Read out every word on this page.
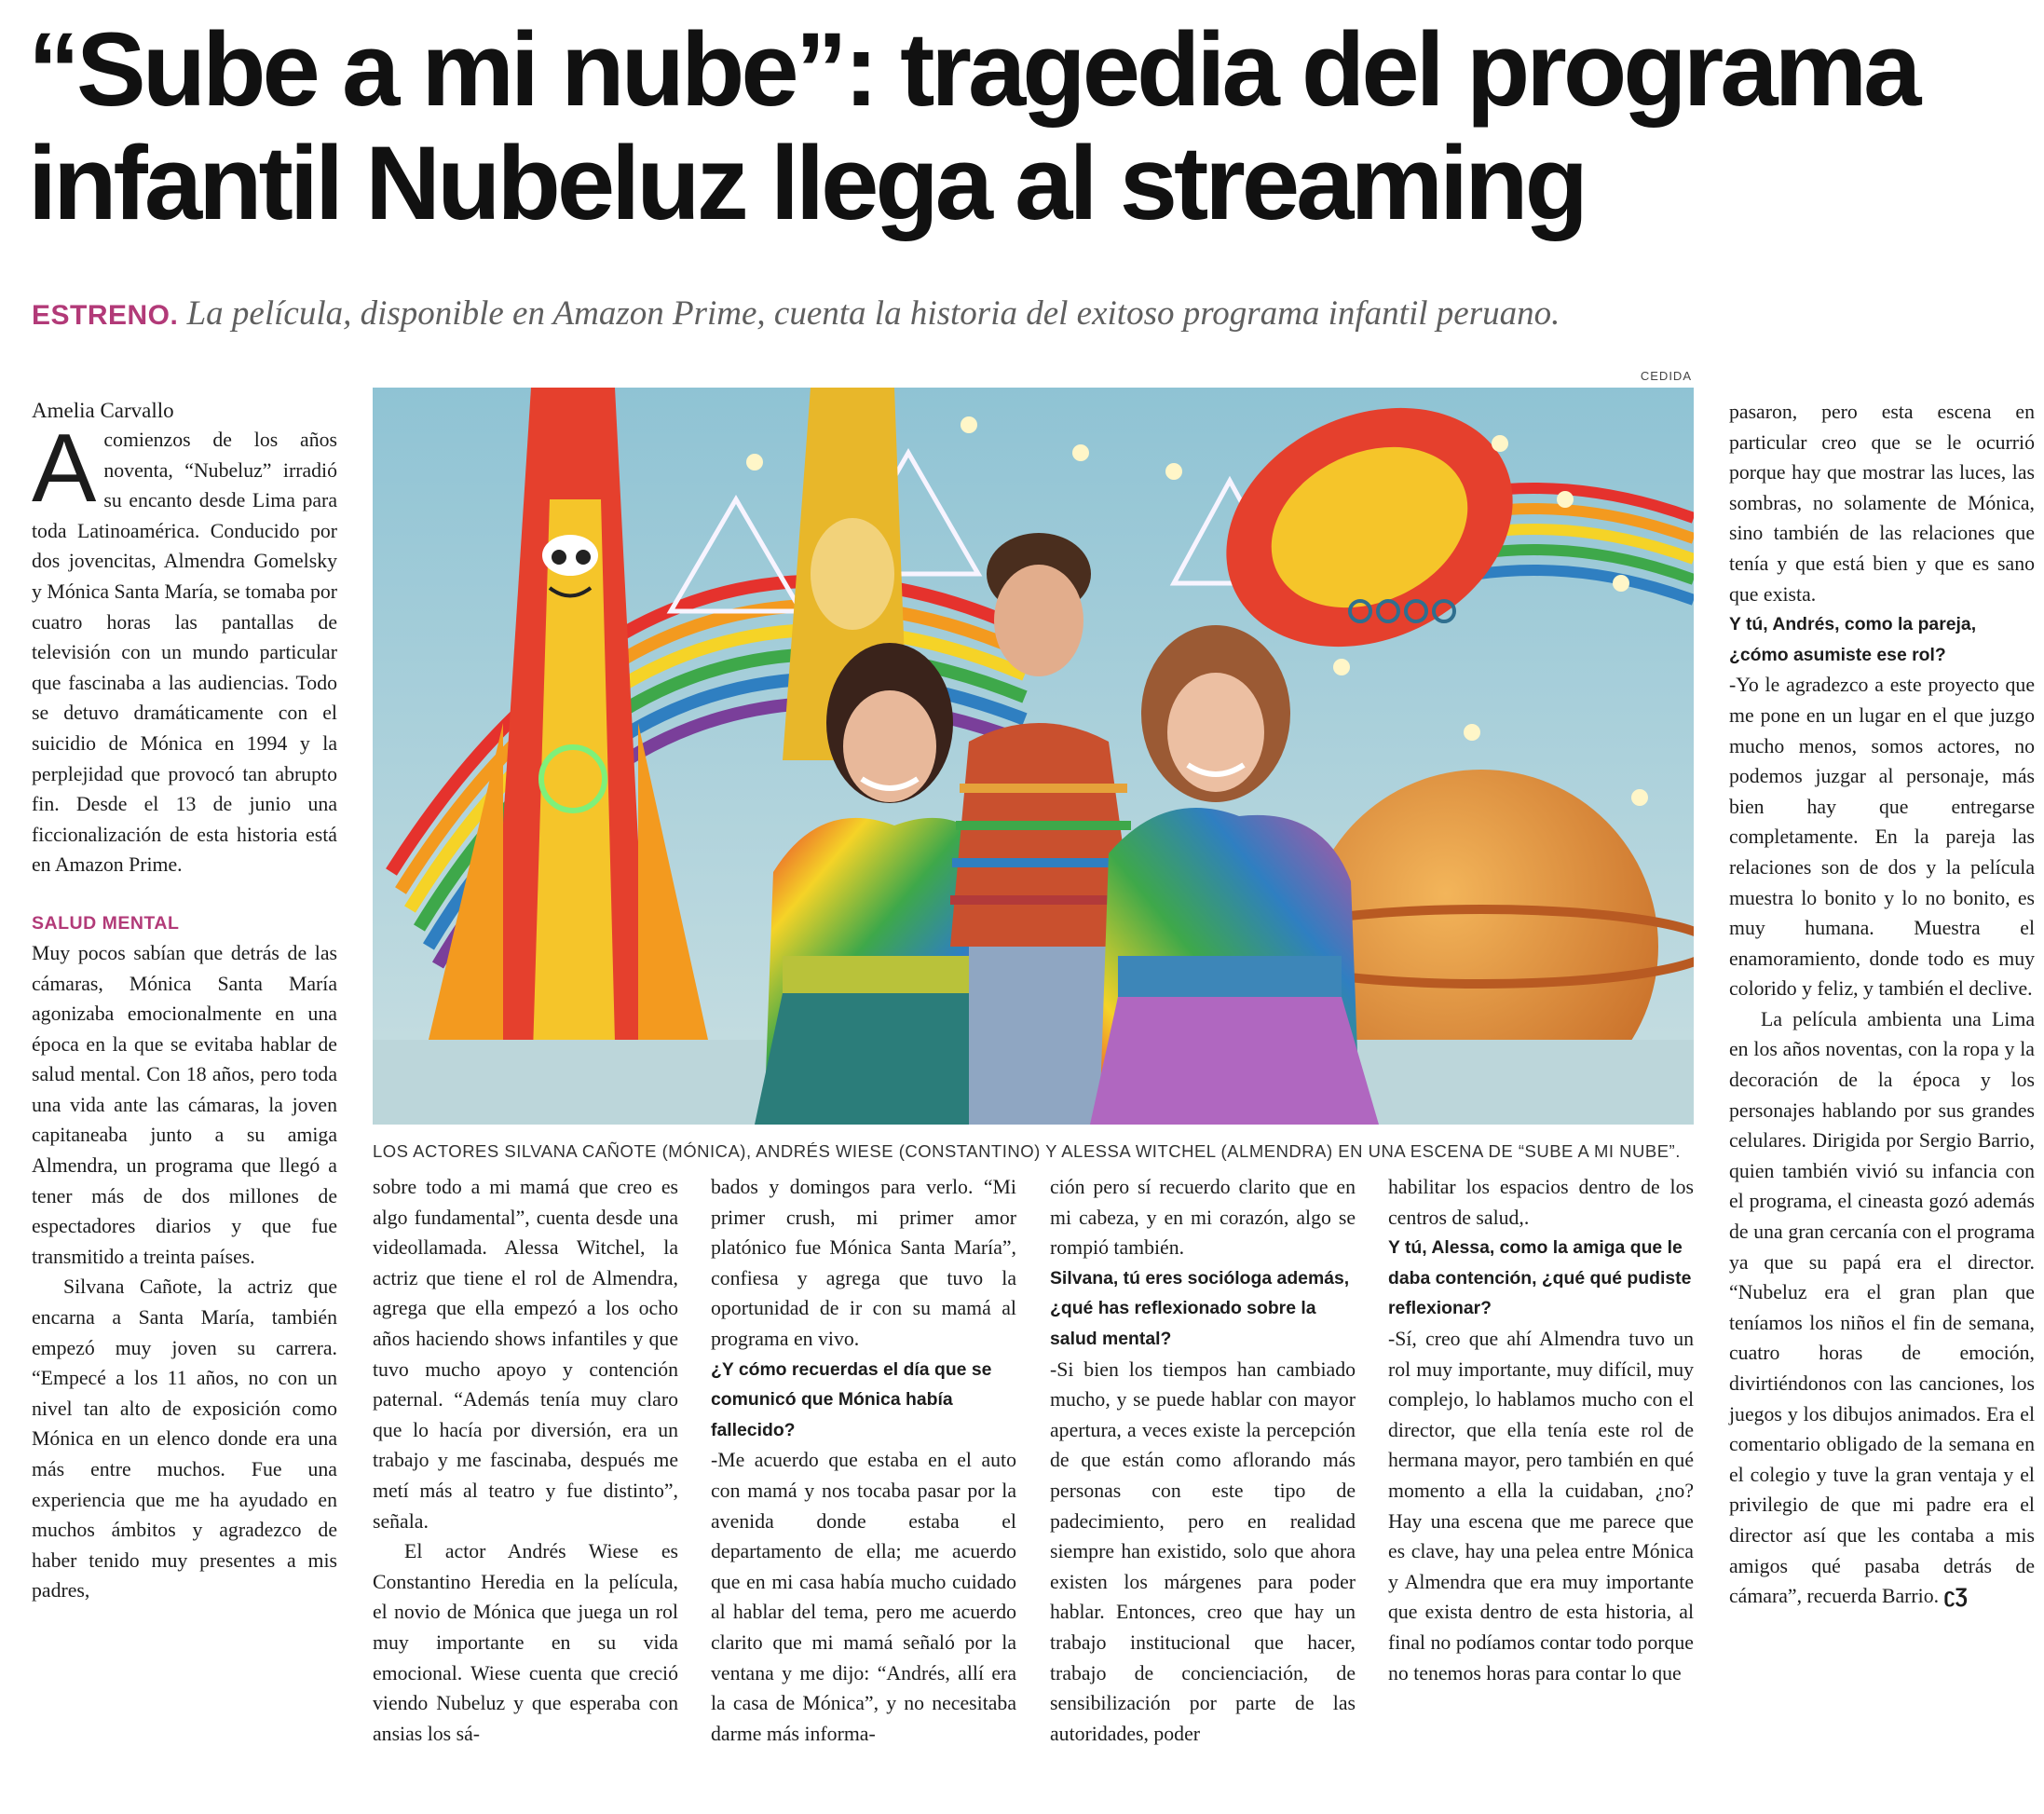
“Sube a mi nube”: tragedia del programa
infantil Nubeluz llega al streaming
ESTRENO. La película, disponible en Amazon Prime, cuenta la historia del exitoso programa infantil peruano.
CEDIDA
LOS ACTORES SILVANA CAÑOTE (MÓNICA), ANDRÉS WIESE (CONSTANTINO) Y ALESSA WITCHEL (ALMENDRA) EN UNA ESCENA DE “SUBE A MI NUBE”.

Amelia Carvallo

Acomienzos de los años noventa, “Nubeluz” irradió su encanto desde Lima para toda Latinoamérica. Conducido por dos jovencitas, Almendra Gomelsky y Mónica Santa María, se tomaba por cuatro horas las pantallas de televisión con un mundo particular que fascinaba a las audiencias. Todo se detuvo dramáticamente con el suicidio de Mónica en 1994 y la perplejidad que provocó tan abrupto fin. Desde el 13 de junio una ficcionalización de esta historia está en Amazon Prime.

SALUD MENTAL

Muy pocos sabían que detrás de las cámaras, Mónica Santa María agonizaba emocionalmente en una época en la que se evitaba hablar de salud mental. Con 18 años, pero toda una vida ante las cámaras, la joven capitaneaba junto a su amiga Almendra, un programa que llegó a tener más de dos millones de espectadores diarios y que fue transmitido a treinta países.

Silvana Cañote, la actriz que encarna a Santa María, también empezó muy joven su carrera. “Empecé a los 11 años, no con un nivel tan alto de exposición como Mónica en un elenco donde era una más entre muchos. Fue una experiencia que me ha ayudado en muchos ámbitos y agradezco de haber tenido muy presentes a mis padres,

sobre todo a mi mamá que creo es algo fundamental”, cuenta desde una videollamada. Alessa Witchel, la actriz que tiene el rol de Almendra, agrega que ella empezó a los ocho años haciendo shows infantiles y que tuvo mucho apoyo y contención paternal. “Además tenía muy claro que lo hacía por diversión, era un trabajo y me fascinaba, después me metí más al teatro y fue distinto”, señala.

El actor Andrés Wiese es Constantino Heredia en la película, el novio de Mónica que juega un rol muy importante en su vida emocional. Wiese cuenta que creció viendo Nubeluz y que esperaba con ansias los sá-

bados y domingos para verlo. “Mi primer crush, mi primer amor platónico fue Mónica Santa María”, confiesa y agrega que tuvo la oportunidad de ir con su mamá al programa en vivo.

¿Y cómo recuerdas el día que se comunicó que Mónica había fallecido?

-Me acuerdo que estaba en el auto con mamá y nos tocaba pasar por la avenida donde estaba el departamento de ella; me acuerdo que en mi casa había mucho cuidado al hablar del tema, pero me acuerdo clarito que mi mamá señaló por la ventana y me dijo: “Andrés, allí era la casa de Mónica”, y no necesitaba darme más informa-

ción pero sí recuerdo clarito que en mi cabeza, y en mi corazón, algo se rompió también.

Silvana, tú eres socióloga además, ¿qué has reflexionado sobre la salud mental?

-Si bien los tiempos han cambiado mucho, y se puede hablar con mayor apertura, a veces existe la percepción de que están como aflorando más personas con este tipo de padecimiento, pero en realidad siempre han existido, solo que ahora existen los márgenes para poder hablar. Entonces, creo que hay un trabajo institucional que hacer, trabajo de concienciación, de sensibilización por parte de las autoridades, poder

habilitar los espacios dentro de los centros de salud,.

Y tú, Alessa, como la amiga que le daba contención, ¿qué qué pudiste reflexionar?

-Sí, creo que ahí Almendra tuvo un rol muy importante, muy difícil, muy complejo, lo hablamos mucho con el director, que ella tenía este rol de hermana mayor, pero también en qué momento a ella la cuidaban, ¿no? Hay una escena que me parece que es clave, hay una pelea entre Mónica y Almendra que era muy importante que exista dentro de esta historia, al final no podíamos contar todo porque no tenemos horas para contar lo que

pasaron, pero esta escena en particular creo que se le ocurrió porque hay que mostrar las luces, las sombras, no solamente de Mónica, sino también de las relaciones que tenía y que está bien y que es sano que exista.

Y tú, Andrés, como la pareja, ¿cómo asumiste ese rol?

-Yo le agradezco a este proyecto que me pone en un lugar en el que juzgo mucho menos, somos actores, no podemos juzgar al personaje, más bien hay que entregarse completamente. En la pareja las relaciones son de dos y la película muestra lo bonito y lo no bonito, es muy humana. Muestra el enamoramiento, donde todo es muy colorido y feliz, y también el declive.

La película ambienta una Lima en los años noventas, con la ropa y la decoración de la época y los personajes hablando por sus grandes celulares. Dirigida por Sergio Barrio, quien también vivió su infancia con el programa, el cineasta gozó además de una gran cercanía con el programa ya que su papá era el director. “Nubeluz era el gran plan que teníamos los niños el fin de semana, cuatro horas de emoción, divirtiéndonos con las canciones, los juegos y los dibujos animados. Era el comentario obligado de la semana en el colegio y tuve la gran ventaja y el privilegio de que mi padre era el director así que les contaba a mis amigos qué pasaba detrás de cámara”, recuerda Barrio. ʗƷ
